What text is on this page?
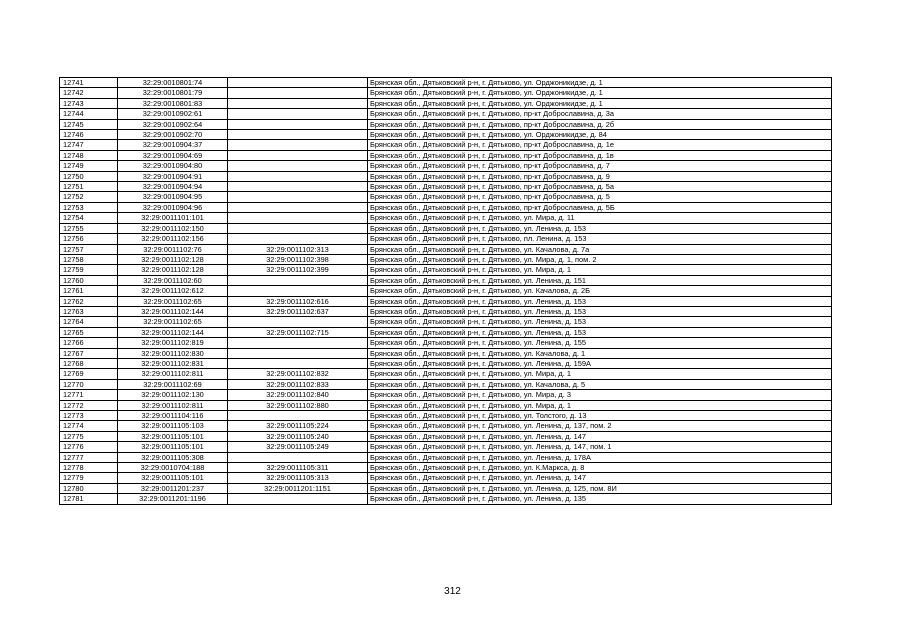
12741	32:29:0010801:74		Брянская обл., Дятьковский р-н, г. Дятьково, ул. Орджоникидзе, д. 1
12742	32:29:0010801:79		Брянская обл., Дятьковский р-н, г. Дятьково, ул. Орджоникидзе, д. 1
12743	32:29:0010801:83		Брянская обл., Дятьковский р-н, г. Дятьково, ул. Орджоникидзе, д. 1
12744	32:29:0010902:61		Брянская обл., Дятьковский р-н, г. Дятьково, пр-кт Доброславина, д. 3а
12745	32:29:0010902:64		Брянская обл., Дятьковский р-н, г. Дятьково, пр-кт Доброславина, д. 2б
12746	32:29:0010902:70		Брянская обл., Дятьковский р-н, г. Дятьково, ул. Орджоникидзе, д. 84
12747	32:29:0010904:37		Брянская обл., Дятьковский р-н, г. Дятьково, пр-кт Доброславина, д. 1е
12748	32:29:0010904:69		Брянская обл., Дятьковский р-н, г. Дятьково, пр-кт Доброславина, д. 1в
12749	32:29:0010904:80		Брянская обл., Дятьковский р-н, г. Дятьково, пр-кт Доброславина, д. 7
12750	32:29:0010904:91		Брянская обл., Дятьковский р-н, г. Дятьково, пр-кт Доброславина, д. 9
12751	32:29:0010904:94		Брянская обл., Дятьковский р-н, г. Дятьково, пр-кт Доброславина, д. 5а
12752	32:29:0010904:95		Брянская обл., Дятьковский р-н, г. Дятьково, пр-кт Доброславина, д. 5
12753	32:29:0010904:96		Брянская обл., Дятьковский р-н, г. Дятьково, пр-кт Доброславина, д. 5Б
12754	32:29:0011101:101		Брянская обл., Дятьковский р-н, г. Дятьково, ул. Мира, д. 11
12755	32:29:0011102:150		Брянская обл., Дятьковский р-н, г. Дятьково, ул. Ленина, д. 153
12756	32:29:0011102:156		Брянская обл., Дятьковский р-н, г. Дятьково, пл. Ленина, д. 153
12757	32:29:0011102:76	32:29:0011102:313	Брянская обл., Дятьковский р-н, г. Дятьково, ул. Качалова, д. 7а
12758	32:29:0011102:128	32:29:0011102:398	Брянская обл., Дятьковский р-н, г. Дятьково, ул. Мира, д. 1, пом. 2
12759	32:29:0011102:128	32:29:0011102:399	Брянская обл., Дятьковский р-н, г. Дятьково, ул. Мира, д. 1
12760	32:29:0011102:60		Брянская обл., Дятьковский р-н, г. Дятьково, ул. Ленина, д. 151
12761	32:29:0011102:612		Брянская обл., Дятьковский р-н, г. Дятьково, ул. Качалова, д. 2Б
12762	32:29:0011102:65	32:29:0011102:616	Брянская обл., Дятьковский р-н, г. Дятьково, ул. Ленина, д. 153
12763	32:29:0011102:144	32:29:0011102:637	Брянская обл., Дятьковский р-н, г. Дятьково, ул. Ленина, д. 153
12764	32:29:0011102:65		Брянская обл., Дятьковский р-н, г. Дятьково, ул. Ленина, д. 153
12765	32:29:0011102:144	32:29:0011102:715	Брянская обл., Дятьковский р-н, г. Дятьково, ул. Ленина, д. 153
12766	32:29:0011102:819		Брянская обл., Дятьковский р-н, г. Дятьково, ул. Ленина, д. 155
12767	32:29:0011102:830		Брянская обл., Дятьковский р-н, г. Дятьково, ул. Качалова, д. 1
12768	32:29:0011102:831		Брянская обл., Дятьковский р-н, г. Дятьково, ул. Ленина, д. 159А
12769	32:29:0011102:811	32:29:0011102:832	Брянская обл., Дятьковский р-н, г. Дятьково, ул. Мира, д. 1
12770	32:29:0011102:69	32:29:0011102:833	Брянская обл., Дятьковский р-н, г. Дятьково, ул. Качалова, д. 5
12771	32:29:0011102:130	32:29:0011102:840	Брянская обл., Дятьковский р-н, г. Дятьково, ул. Мира, д. 3
12772	32:29:0011102:811	32:29:0011102:880	Брянская обл., Дятьковский р-н, г. Дятьково, ул. Мира, д. 1
12773	32:29:0011104:116		Брянская обл., Дятьковский р-н, г. Дятьково, ул. Толстого, д. 13
12774	32:29:0011105:103	32:29:0011105:224	Брянская обл., Дятьковский р-н, г. Дятьково, ул. Ленина, д. 137, пом. 2
12775	32:29:0011105:101	32:29:0011105:240	Брянская обл., Дятьковский р-н, г. Дятьково, ул. Ленина, д. 147
12776	32:29:0011105:101	32:29:0011105:249	Брянская обл., Дятьковский р-н, г. Дятьково, ул. Ленина, д. 147, пом. 1
12777	32:29:0011105:308		Брянская обл., Дятьковский р-н, г. Дятьково, ул. Ленина, д. 178А
12778	32:29:0010704:188	32:29:0011105:311	Брянская обл., Дятьковский р-н, г. Дятьково, ул. К.Маркса, д. 8
12779	32:29:0011105:101	32:29:0011105:313	Брянская обл., Дятьковский р-н, г. Дятьково, ул. Ленина, д. 147
12780	32:29:0011201:237	32:29:0011201:1151	Брянская обл., Дятьковский р-н, г. Дятьково, ул. Ленина, д. 125, пом. 8И
12781	32:29:0011201:1196		Брянская обл., Дятьковский р-н, г. Дятьково, ул. Ленина, д. 135
312
